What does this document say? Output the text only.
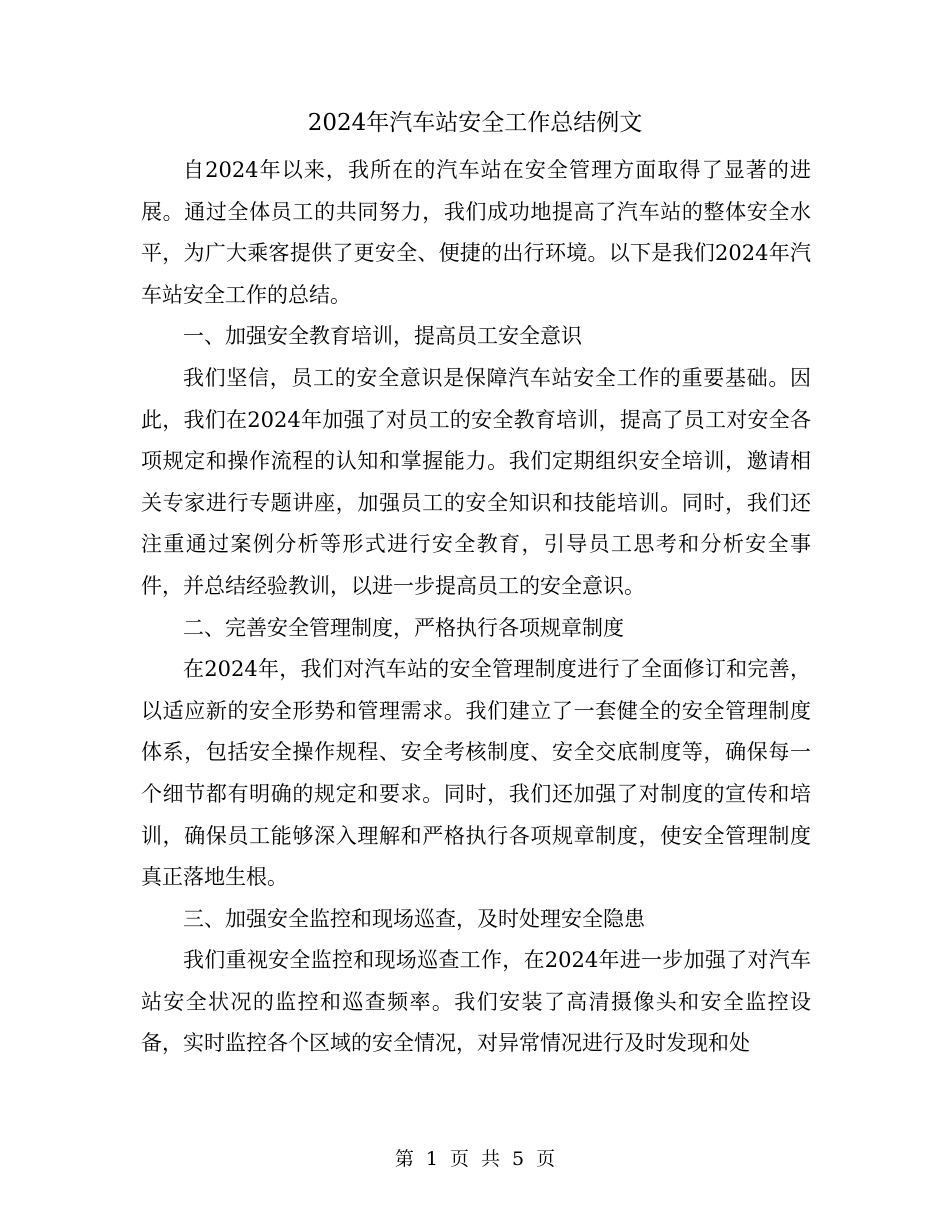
2024年汽车站安全工作总结例文

自2024年以来，我所在的汽车站在安全管理方面取得了显著的进展。通过全体员工的共同努力，我们成功地提高了汽车站的整体安全水平，为广大乘客提供了更安全、便捷的出行环境。以下是我们2024年汽车站安全工作的总结。

一、加强安全教育培训，提高员工安全意识

我们坚信，员工的安全意识是保障汽车站安全工作的重要基础。因此，我们在2024年加强了对员工的安全教育培训，提高了员工对安全各项规定和操作流程的认知和掌握能力。我们定期组织安全培训，邀请相关专家进行专题讲座，加强员工的安全知识和技能培训。同时，我们还注重通过案例分析等形式进行安全教育，引导员工思考和分析安全事件，并总结经验教训，以进一步提高员工的安全意识。

二、完善安全管理制度，严格执行各项规章制度

在2024年，我们对汽车站的安全管理制度进行了全面修订和完善，以适应新的安全形势和管理需求。我们建立了一套健全的安全管理制度体系，包括安全操作规程、安全考核制度、安全交底制度等，确保每一个细节都有明确的规定和要求。同时，我们还加强了对制度的宣传和培训，确保员工能够深入理解和严格执行各项规章制度，使安全管理制度真正落地生根。

三、加强安全监控和现场巡查，及时处理安全隐患

我们重视安全监控和现场巡查工作，在2024年进一步加强了对汽车站安全状况的监控和巡查频率。我们安装了高清摄像头和安全监控设备，实时监控各个区域的安全情况，对异常情况进行及时发现和处

第 1 页 共 5 页
